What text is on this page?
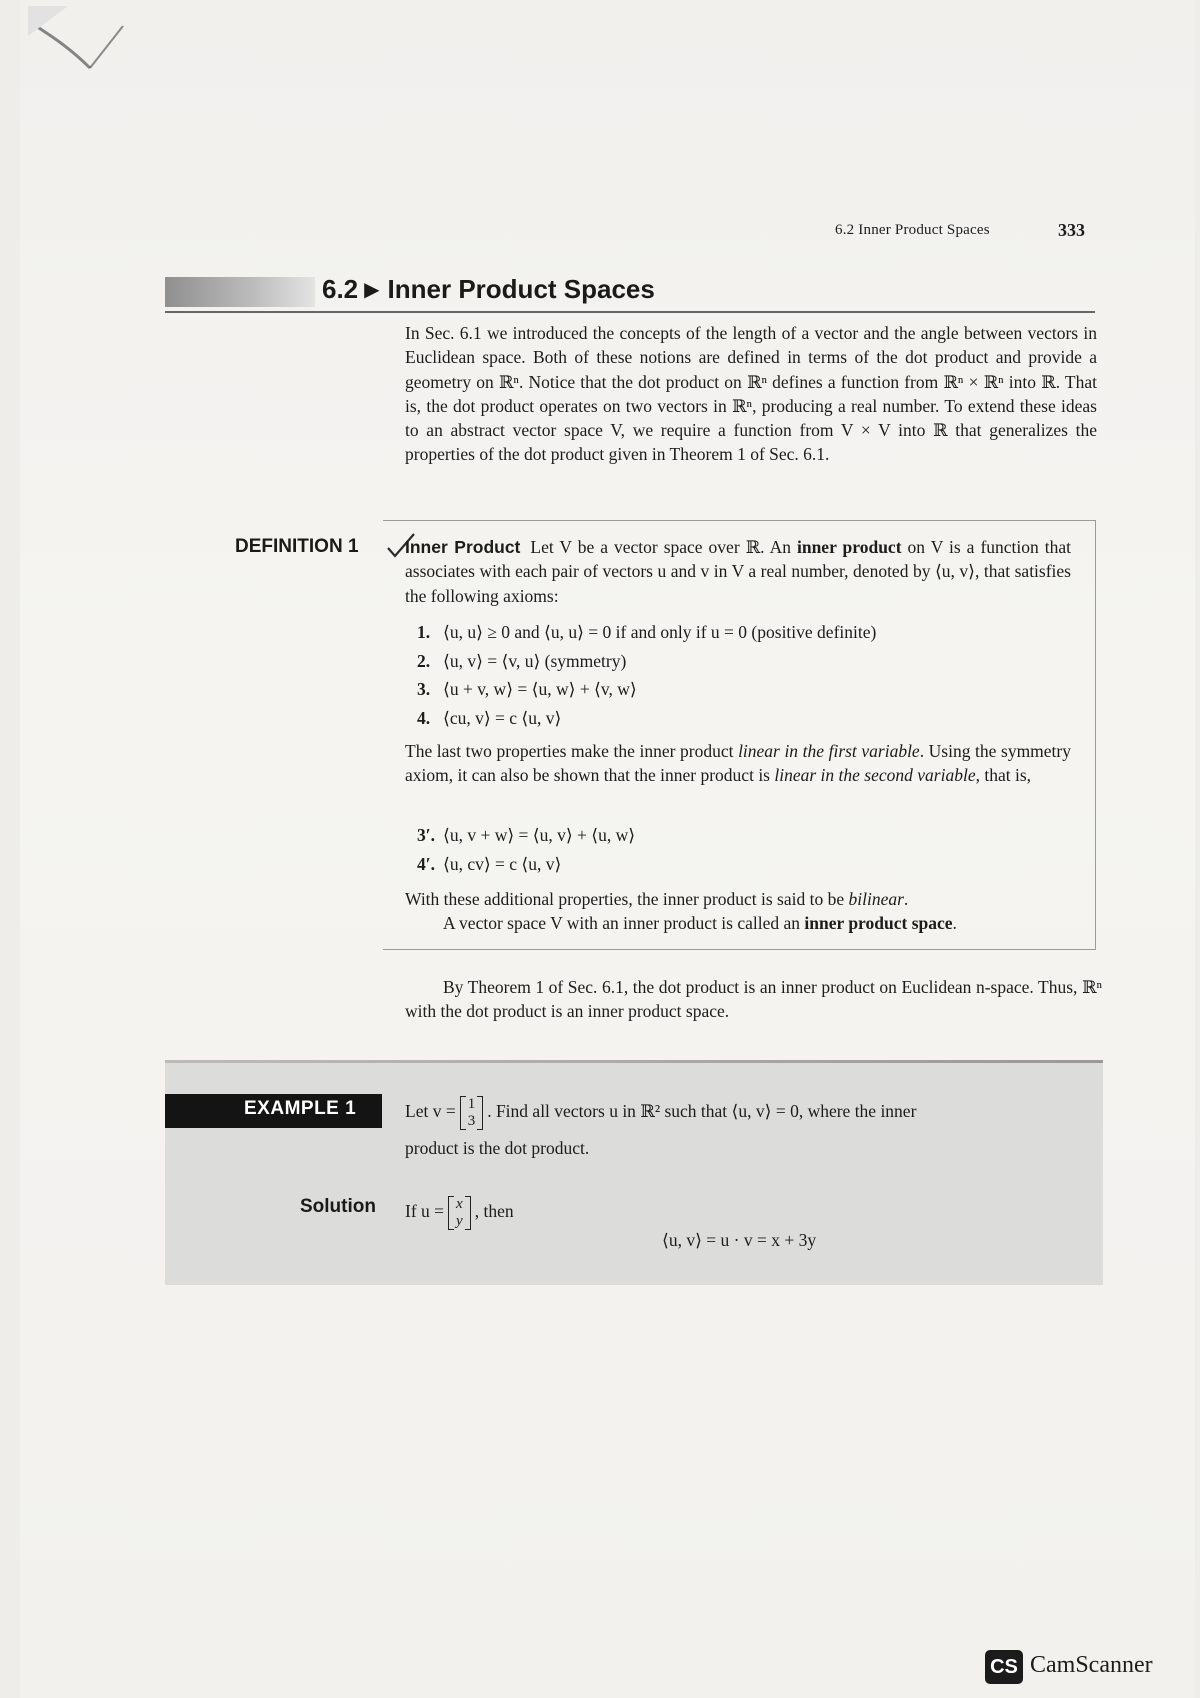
6.2 Inner Product Spaces	333
6.2 ▶ Inner Product Spaces
In Sec. 6.1 we introduced the concepts of the length of a vector and the angle between vectors in Euclidean space. Both of these notions are defined in terms of the dot product and provide a geometry on ℝⁿ. Notice that the dot product on ℝⁿ defines a function from ℝⁿ × ℝⁿ into ℝ. That is, the dot product operates on two vectors in ℝⁿ, producing a real number. To extend these ideas to an abstract vector space V, we require a function from V × V into ℝ that generalizes the properties of the dot product given in Theorem 1 of Sec. 6.1.
DEFINITION 1	Inner Product Let V be a vector space over ℝ. An inner product on V is a function that associates with each pair of vectors u and v in V a real number, denoted by ⟨u, v⟩, that satisfies the following axioms:
1. ⟨u, u⟩ ≥ 0 and ⟨u, u⟩ = 0 if and only if u = 0 (positive definite)
2. ⟨u, v⟩ = ⟨v, u⟩ (symmetry)
3. ⟨u + v, w⟩ = ⟨u, w⟩ + ⟨v, w⟩
4. ⟨cu, v⟩ = c ⟨u, v⟩
The last two properties make the inner product linear in the first variable. Using the symmetry axiom, it can also be shown that the inner product is linear in the second variable, that is,
3′. ⟨u, v + w⟩ = ⟨u, v⟩ + ⟨u, w⟩
4′. ⟨u, cv⟩ = c ⟨u, v⟩
With these additional properties, the inner product is said to be bilinear.
A vector space V with an inner product is called an inner product space.
By Theorem 1 of Sec. 6.1, the dot product is an inner product on Euclidean n-space. Thus, ℝⁿ with the dot product is an inner product space.
EXAMPLE 1	Let v = 1
3 . Find all vectors u in ℝ² such that ⟨u, v⟩ = 0, where the inner
product is the dot product.
Solution If u = x
y , then
⟨u, v⟩ = u · v = x + 3y
CS CamScanner
